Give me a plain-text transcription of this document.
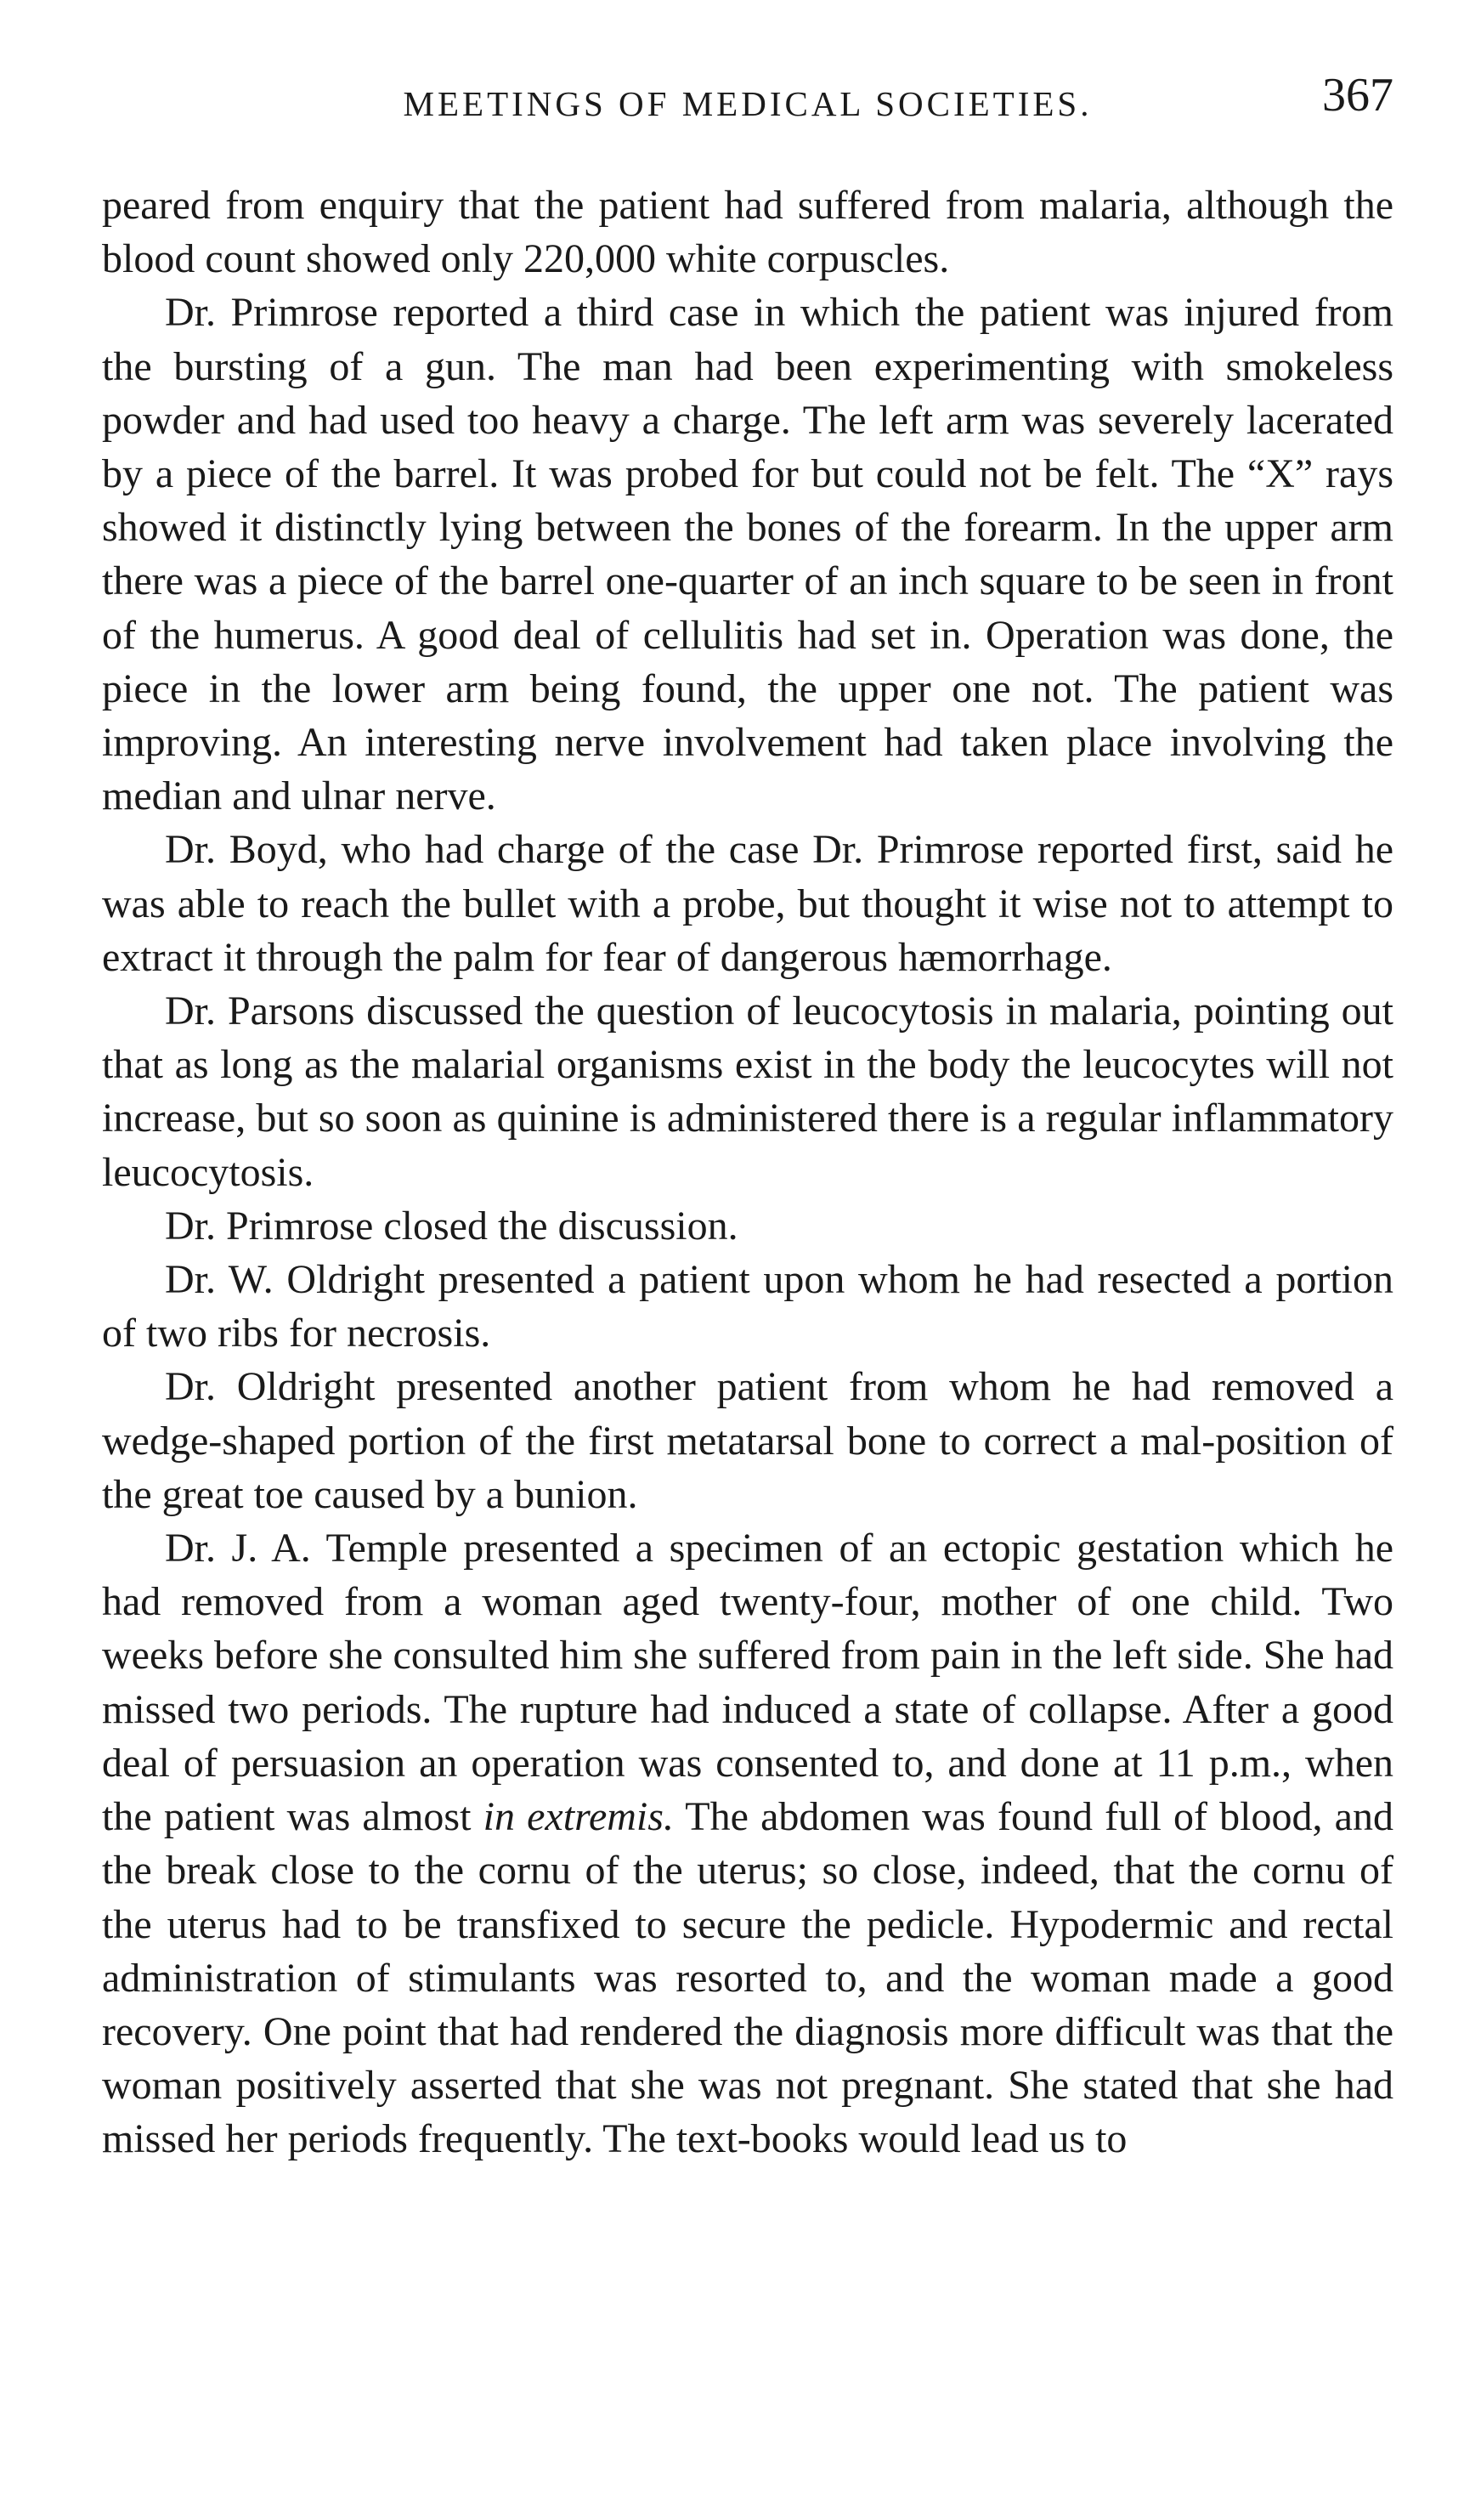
MEETINGS OF MEDICAL SOCIETIES.	367

peared from enquiry that the patient had suffered from malaria, although the blood count showed only 220,000 white corpuscles.

Dr. Primrose reported a third case in which the patient was injured from the bursting of a gun. The man had been experimenting with smokeless powder and had used too heavy a charge. The left arm was severely lacerated by a piece of the barrel. It was probed for but could not be felt. The “X” rays showed it distinctly lying between the bones of the forearm. In the upper arm there was a piece of the barrel one-quarter of an inch square to be seen in front of the humerus. A good deal of cellulitis had set in. Operation was done, the piece in the lower arm being found, the upper one not. The patient was improving. An interesting nerve involvement had taken place involving the median and ulnar nerve.

Dr. Boyd, who had charge of the case Dr. Primrose reported first, said he was able to reach the bullet with a probe, but thought it wise not to attempt to extract it through the palm for fear of dangerous hæmorrhage.

Dr. Parsons discussed the question of leucocytosis in malaria, pointing out that as long as the malarial organisms exist in the body the leucocytes will not increase, but so soon as quinine is administered there is a regular inflammatory leucocytosis.

Dr. Primrose closed the discussion.

Dr. W. Oldright presented a patient upon whom he had resected a portion of two ribs for necrosis.

Dr. Oldright presented another patient from whom he had removed a wedge-shaped portion of the first metatarsal bone to correct a mal-position of the great toe caused by a bunion.

Dr. J. A. Temple presented a specimen of an ectopic gestation which he had removed from a woman aged twenty-four, mother of one child. Two weeks before she consulted him she suffered from pain in the left side. She had missed two periods. The rupture had induced a state of collapse. After a good deal of persuasion an operation was consented to, and done at 11 p.m., when the patient was almost in extremis. The abdomen was found full of blood, and the break close to the cornu of the uterus; so close, indeed, that the cornu of the uterus had to be transfixed to secure the pedicle. Hypodermic and rectal administration of stimulants was resorted to, and the woman made a good recovery. One point that had rendered the diagnosis more difficult was that the woman positively asserted that she was not pregnant. She stated that she had missed her periods frequently. The text-books would lead us to
